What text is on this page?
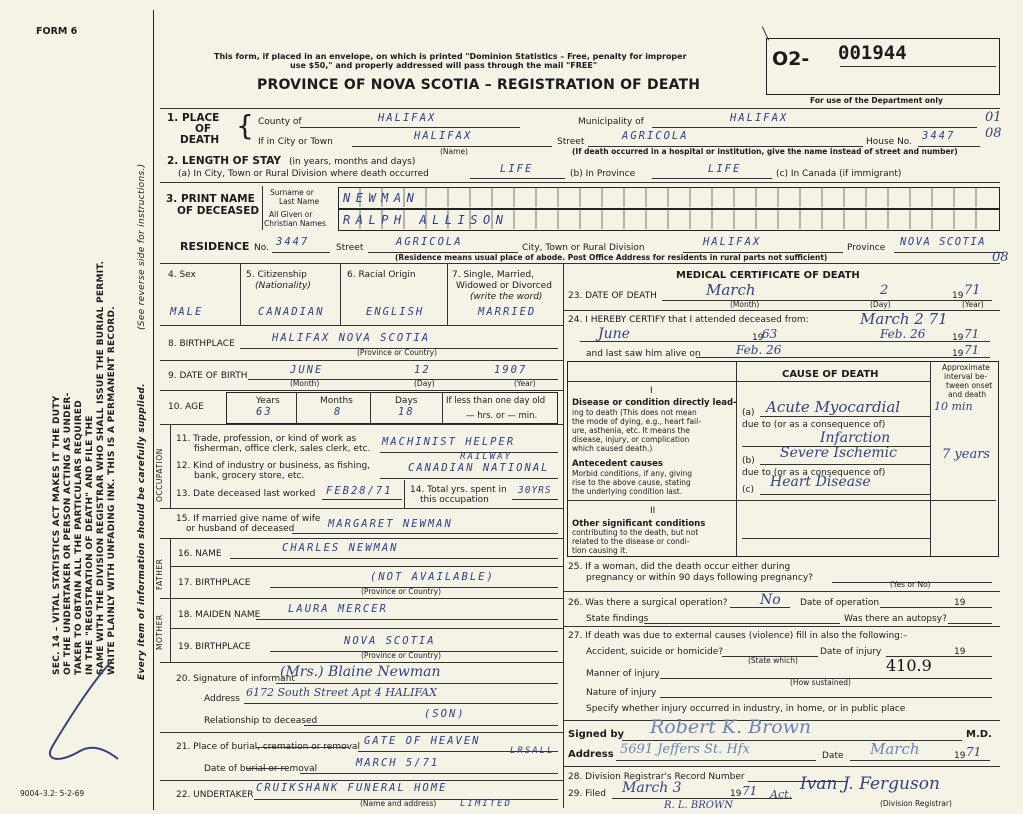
FORM 6
This form, if placed in an envelope, on which is printed "Dominion Statistics – Free, penalty for improper
use $50," and properly addressed will pass through the mail "FREE"
PROVINCE OF NOVA SCOTIA – REGISTRATION OF DEATH
O2- 001944
For use of the Department only
SEC. 14 – VITAL STATISTICS ACT MAKES IT THE DUTY OF THE UNDERTAKER OR PERSON ACTING AS UNDER- TAKER TO OBTAIN ALL THE PARTICULARS REQUIRED IN THE "REGISTRATION OF DEATH" AND FILE THE SAME WITH THE DIVISION REGISTRAR WHO SHALL ISSUE THE BURIAL PERMIT. WRITE PLAINLY WITH UNFADING INK. THIS IS A PERMANENT RECORD. Every item of information should be carefully supplied.
(See reverse side for instructions.)
9004–3.2: 5-2-69
1. PLACE
OF
DEATH { County of	HALIFAX	Municipality of	HALIFAX	01
If in City or Town	HALIFAX
(Name)
Street	AGRICOLA	House No. 3447 08
(If death occurred in a hospital or institution, give the name instead of street and number)
2. LENGTH OF STAY (in years, months and days)
(a) In City, Town or Rural Division where death occurred	LIFE	(b) In Province	LIFE	(c) In Canada (if immigrant)
3. PRINT NAME
OF DECEASED
Surname or
Last Name
All Given or
Christian Names
NEWMAN
RALPH ALLISON
RESIDENCE No. 3447	Street	AGRICOLA	City, Town or Rural Division	HALIFAX	Province NOVA SCOTIA
08
(Residence means usual place of abode. Post Office Address for residents in rural parts not sufficient)
4. Sex
MALE
5. Citizenship
(Nationality)
CANADIAN
6. Racial Origin
ENGLISH
7. Single, Married,
Widowed or Divorced
(write the word)
MARRIED
8. BIRTHPLACE	HALIFAX NOVA SCOTIA
(Province or Country)
9. DATE OF BIRTH	JUNE	12	1907
(Month)	(Day)	(Year)
10. AGE
Years
63
Months
8
Days
18
If less than one day old
— hrs. or — min.
OCCUPATION
11. Trade, profession, or kind of work as
fisherman, office clerk, sales clerk, etc.
MACHINIST HELPER
12. Kind of industry or business, as fishing,
bank, grocery store, etc.
RAILWAY
CANADIAN NATIONAL
13. Date deceased last worked FEB28/71 14. Total yrs. spent in
this occupation
30YRS
15. If married give name of wife
or husband of deceased	MARGARET NEWMAN
FATHER
16. NAME	CHARLES NEWMAN
17. BIRTHPLACE	(NOT AVAILABLE)
(Province or Country)
MOTHER 18. MAIDEN NAME	LAURA MERCER
19. BIRTHPLACE	NOVA SCOTIA
(Province or Country)
20. Signature of informant
(Mrs.) Blaine Newman
Address 6172 South Street Apt 4 HALIFAX
Relationship to deceased
(SON)
21. Place of burial, cremation or removal GATE OF HEAVEN
LRSALL
Date of burial or removal	MARCH 5/71
22. UNDERTAKER
CRUIKSHANK FUNERAL HOME
LIMITED
(Name and address)
MEDICAL CERTIFICATE OF DEATH
23. DATE OF DEATH	March	2	19 71
(Month)	(Day)	(Year)
24. I HEREBY CERTIFY that I attended deceased from:	March 2 71
June	19
63	Feb. 26	19 71
and last saw him alive on	Feb. 26	19 71
CAUSE OF DEATH
Approximate
interval be-
tween onset
and death
I
Disease or condition directly lead-
ing to death (This does not mean
the mode of dying, e.g., heart fail-
ure, asthenia, etc. It means the
disease, injury, or complication
which caused death.)
Antecedent causes
Morbid conditions, if any, giving
rise to the above cause, stating
the underlying condition last.
(a) Acute Myocardial	10 min
due to (or as a consequence of)
Infarction
(b) Severe Ischemic	7 years
due to (or as a consequence of)
(c) Heart Disease
II
Other significant conditions
contributing to the death, but not
related to the disease or condi-
tion causing it.
25. If a woman, did the death occur either during
pregnancy or within 90 days following pregnancy?
(Yes or No)
26. Was there a surgical operation? No Date of operation	19
State findings	Was there an autopsy?
27. If death was due to external causes (violence) fill in also the following:–
Accident, suicide or homicide?
(State which)
Date of injury	19
Manner of injury	410.9
(How sustained)
Nature of injury
Specify whether injury occurred in industry, in home, or in public place
Signed by Robert K. Brown	M.D.
Address 5691 Jeffers St. Hfx	Date March	19 71
28. Division Registrar's Record Number
29. Filed March 3	19 71 Act.
Ivan J. Ferguson
(Division Registrar)
R. L. BROWN
